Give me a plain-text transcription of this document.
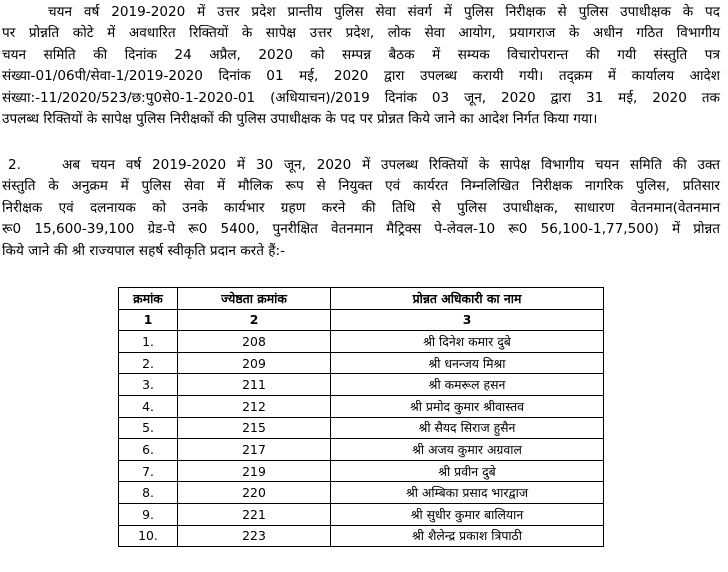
चयन वर्ष 2019-2020 में उत्तर प्रदेश प्रान्तीय पुलिस सेवा संवर्ग में पुलिस निरीक्षक से पुलिस उपाधीक्षक के पद
पर प्रोन्नति कोटे में अवधारित रिक्तियों के सापेक्ष उत्तर प्रदेश, लोक सेवा आयोग, प्रयागराज के अधीन गठित विभागीय
चयन समिति की दिनांक 24 अप्रैल, 2020 को सम्पन्न बैठक में सम्यक विचारोपरान्त की गयी संस्तुति पत्र
संख्या-01/06पी/सेवा-1/2019-2020 दिनांक 01 मई, 2020 द्वारा उपलब्ध करायी गयी। तद्क्रम में कार्यालय आदेश
संख्या:-11/2020/523/छ:पु0से0-1-2020-01 (अधियाचन)/2019 दिनांक 03 जून, 2020 द्वारा 31 मई, 2020 तक
उपलब्ध रिक्तियों के सापेक्ष पुलिस निरीक्षकों की पुलिस उपाधीक्षक के पद पर प्रोन्नत किये जाने का आदेश निर्गत किया गया।
2.	अब चयन वर्ष 2019-2020 में 30 जून, 2020 में उपलब्ध रिक्तियों के सापेक्ष विभागीय चयन समिति की उक्त
संस्तुति के अनुक्रम में पुलिस सेवा में मौलिक रूप से नियुक्त एवं कार्यरत निम्नलिखित निरीक्षक नागरिक पुलिस, प्रतिसार
निरीक्षक एवं दलनायक को उनके कार्यभार ग्रहण करने की तिथि से पुलिस उपाधीक्षक, साधारण वेतनमान(वेतनमान
रू0 15,600-39,100 ग्रेड-पे रू0 5400, पुनरीक्षित वेतनमान मैट्रिक्स पे-लेवल-10 रू0 56,100-1,77,500) में प्रोन्नत
किये जाने की श्री राज्यपाल सहर्ष स्वीकृति प्रदान करते हैं:-
क्रमांक	ज्येष्ठता क्रमांक	प्रोन्नत अधिकारी का नाम
1	2	3
1.	208	श्री दिनेश कमार दुबे
2.	209	श्री धनन्जय मिश्रा
3.	211	श्री कमरूल हसन
4.	212	श्री प्रमोद कुमार श्रीवास्तव
5.	215	श्री सैयद सिराज हुसैन
6.	217	श्री अजय कुमार अग्रवाल
7.	219	श्री प्रवीन दुबे
8.	220	श्री अम्बिका प्रसाद भारद्वाज
9.	221	श्री सुधीर कुमार बालियान
10.	223	श्री शैलेन्द्र प्रकाश त्रिपाठी
